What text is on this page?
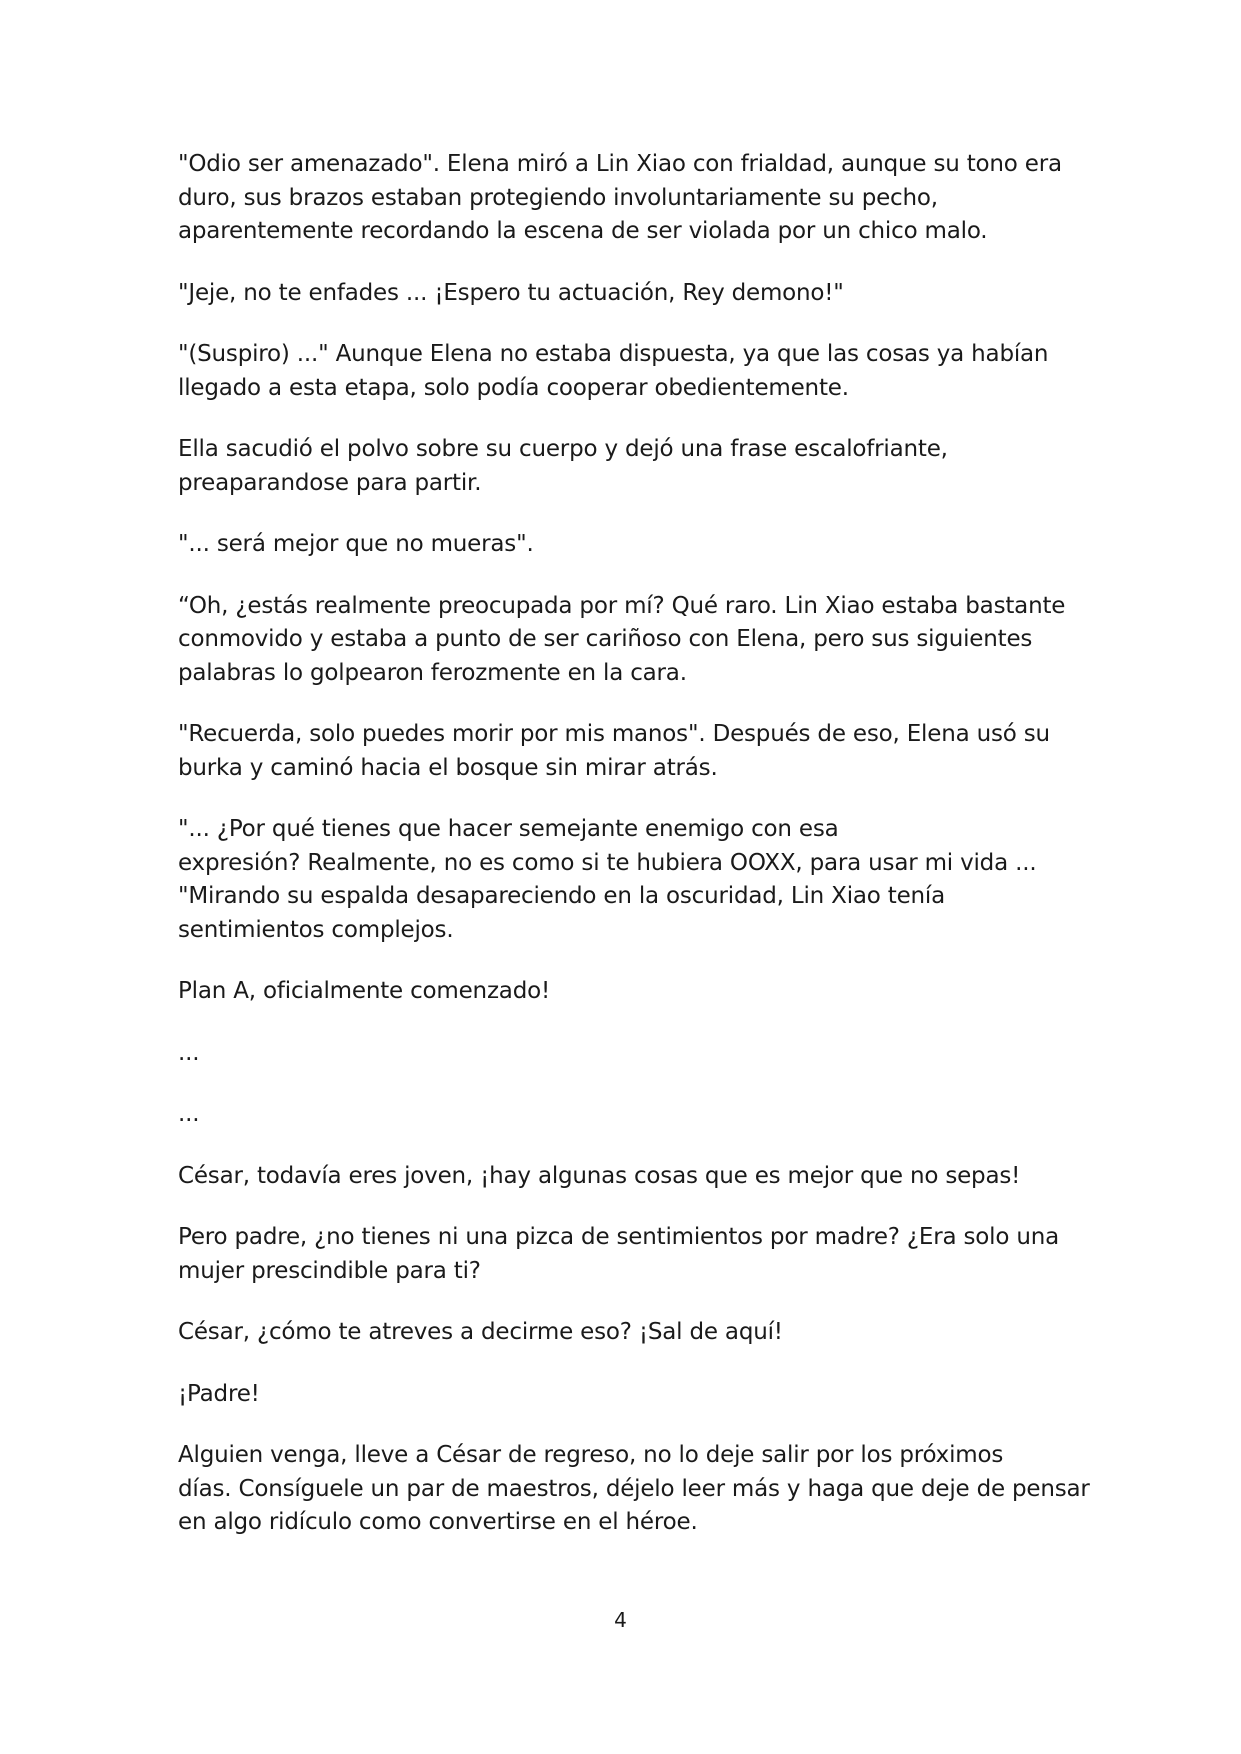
"Odio ser amenazado". Elena miró a Lin Xiao con frialdad, aunque su tono era
duro, sus brazos estaban protegiendo involuntariamente su pecho,
aparentemente recordando la escena de ser violada por un chico malo.

"Jeje, no te enfades ... ¡Espero tu actuación, Rey demono!"

"(Suspiro) ..." Aunque Elena no estaba dispuesta, ya que las cosas ya habían
llegado a esta etapa, solo podía cooperar obedientemente.

Ella sacudió el polvo sobre su cuerpo y dejó una frase escalofriante,
preaparandose para partir.

"... será mejor que no mueras".

“Oh, ¿estás realmente preocupada por mí? Qué raro. Lin Xiao estaba bastante
conmovido y estaba a punto de ser cariñoso con Elena, pero sus siguientes
palabras lo golpearon ferozmente en la cara.

"Recuerda, solo puedes morir por mis manos". Después de eso, Elena usó su
burka y caminó hacia el bosque sin mirar atrás.

"... ¿Por qué tienes que hacer semejante enemigo con esa
expresión? Realmente, no es como si te hubiera OOXX, para usar mi vida ...
"Mirando su espalda desapareciendo en la oscuridad, Lin Xiao tenía
sentimientos complejos.

Plan A, oficialmente comenzado!

...

...

César, todavía eres joven, ¡hay algunas cosas que es mejor que no sepas!

Pero padre, ¿no tienes ni una pizca de sentimientos por madre? ¿Era solo una
mujer prescindible para ti?

César, ¿cómo te atreves a decirme eso? ¡Sal de aquí!

¡Padre!

Alguien venga, lleve a César de regreso, no lo deje salir por los próximos
días. Consíguele un par de maestros, déjelo leer más y haga que deje de pensar
en algo ridículo como convertirse en el héroe.

4
